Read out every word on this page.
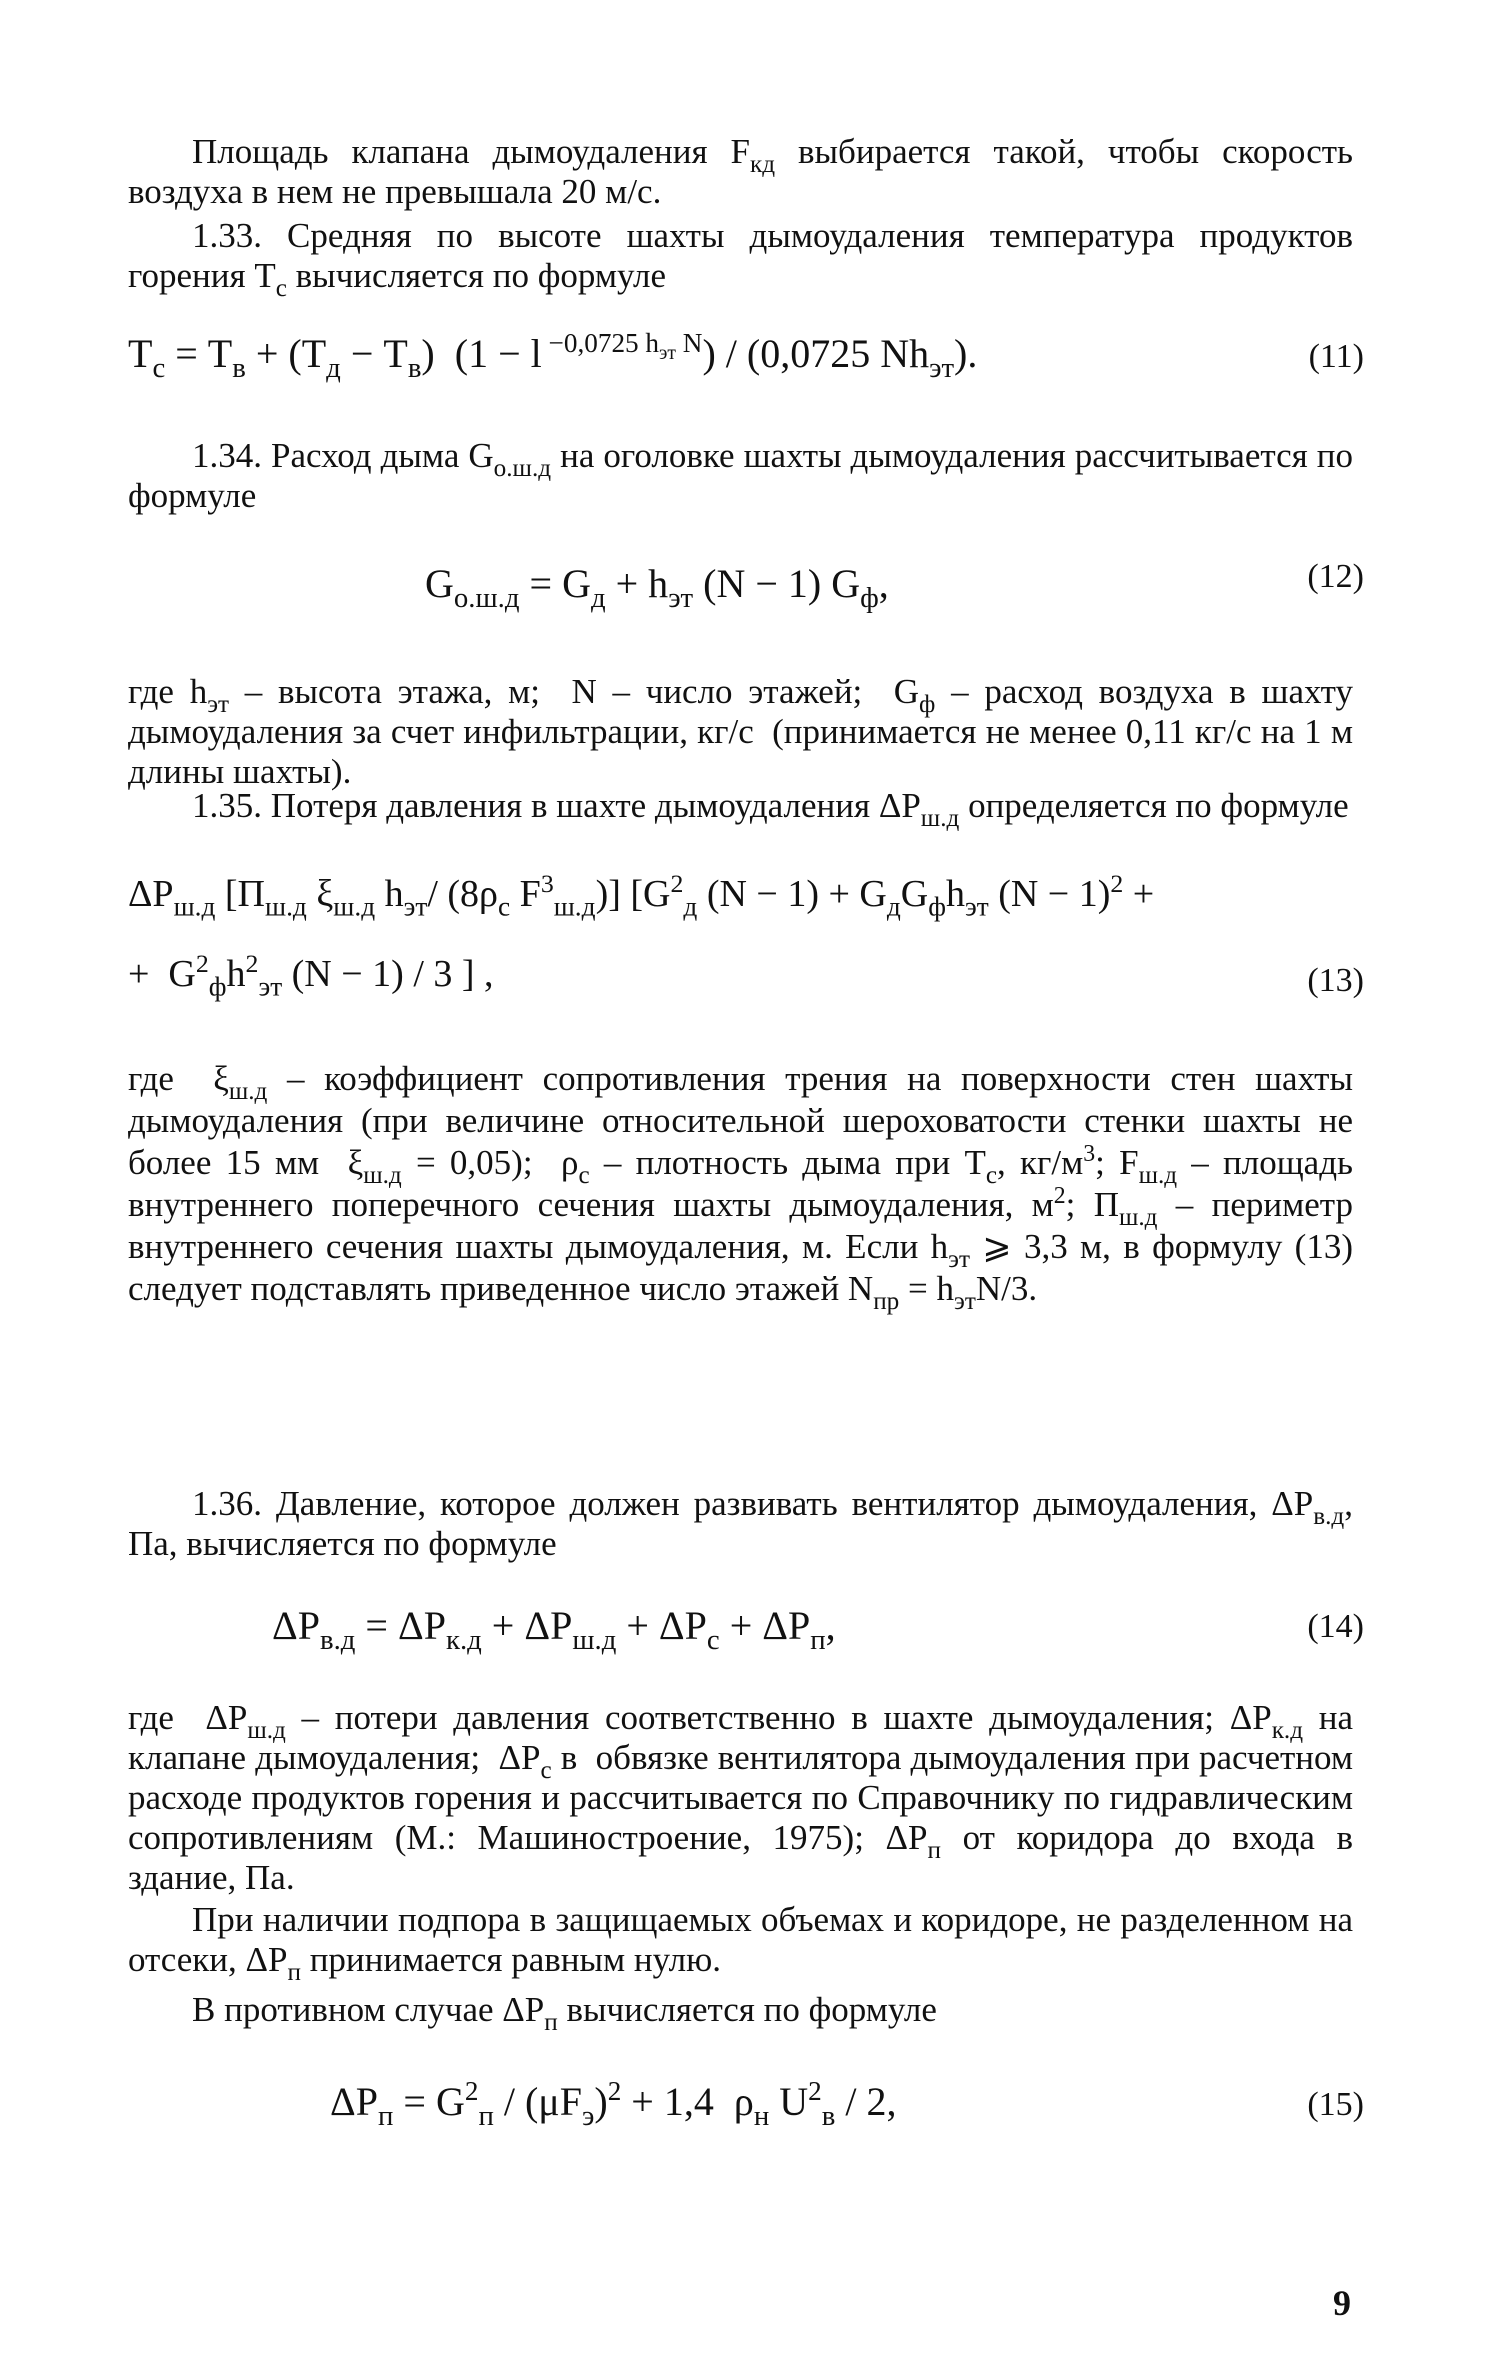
Площадь клапана дымоудаления $F_{кд}$ выбирается такой, чтобы скорость воздуха в нем не превышала 20 м/с.

1.33. Средняя по высоте шахты дымоудаления температура продуктов горения $Т_с$ вычисляется по формуле

$Т_с = Т_в + (Т_д - Т_в) (1 - l$ $^{-0,0725 h_{эт} N}$) / (0,0725 $Nh_{эт}$).	(11)

1.34. Расход дыма $G_{о.ш.д}$ на оголовке шахты дымоудаления рассчитывается по формуле

$G_{о.ш.д} = G_д + h_{эт}$ (N − 1) $G_ф$,	(12)

где $h_{эт}$ – высота этажа, м;  N – число этажей;  $G_ф$ – расход воздуха в шахту дымоудаления за счет инфильтрации, кг/с  (принимается не менее 0,11 кг/с на 1 м длины шахты).

1.35. Потеря давления в шахте дымоудаления $\Delta P_{ш.д}$ определяется по формуле

$\Delta P_{ш.д}$ [$П_{ш.д}$ $\xi_{ш.д}$ $h_{эт}/$ ($8\rho_с$ $F^3_{ш.д}$)] [$G^2_д$ $(N - 1) + G_дG_фh_{эт}$ $(N - 1)^2$ +
+  $G^2_фh^2_{эт}$ (N − 1) / 3 ] ,	(13)

где  $\xi_{ш.д}$ – коэффициент сопротивления трения на поверхности стен шахты дымоудаления (при величине относительной шероховатости стенки шахты не более 15 мм  $\xi_{ш.д} = 0,05$);  $\rho_с$ – плотность дыма при $Т_с$, $кг/м^3$; $F_{ш.д}$ – площадь внутреннего поперечного сечения шахты дымоудаления, $м^2$; $П_{ш.д}$ – периметр внутреннего сечения шахты дымоудаления, м. Если $h_{эт}$ ⩾ 3,3 м, в формулу (13) следует подставлять приведенное число этажей $N_{пр} = h_{эт}N/3$.

1.36. Давление, которое должен развивать вентилятор дымоудаления, $\Delta P_{в.д}$, Па, вычисляется по формуле

$\Delta P_{в.д} = \Delta P_{к.д} + \Delta P_{ш.д} + \Delta P_с + \Delta P_п$,	(14)

где  $\Delta P_{ш.д}$ – потери давления соответственно в шахте дымоудаления; $\Delta P_{к.д}$ на клапане дымоудаления;  $\Delta P_с$ в  обвязке вентилятора дымоудаления при расчетном расходе продуктов горения и рассчитывается по Справочнику по гидравлическим сопротивлениям (М.: Машиностроение, 1975); $\Delta P_п$ от коридора до входа в здание, Па.

При наличии подпора в защищаемых объемах и коридоре, не разделенном на отсеки, $\Delta P_п$ принимается равным нулю.

В противном случае $\Delta P_п$ вычисляется по формуле

$\Delta P_п = G^2_п / (\mu F_э)^2 + 1,4$  $\rho_н$ $U^2_в / 2$,	(15)
9
